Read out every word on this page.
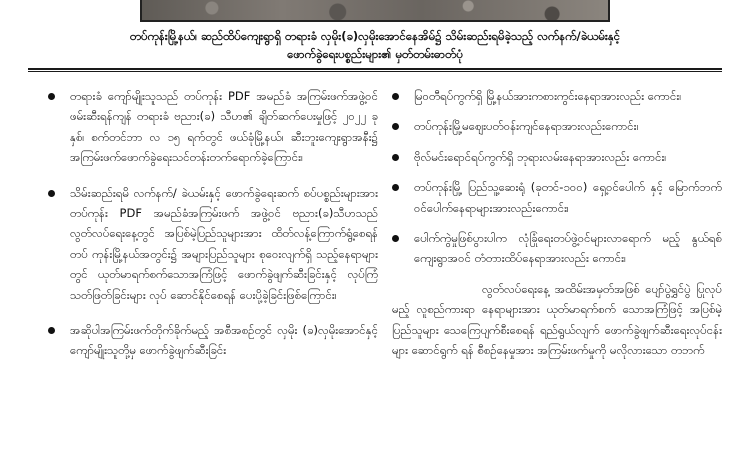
တပ်ကုန်းမြို့နယ်၊ ဆည်ထိပ်ကျေးရွာရှိ တရားခံ လှမိုး(ခ)လှမိုးအောင်နေအိမ်၌ သိမ်းဆည်းရမိခဲ့သည့် လက်နက်/ခဲယမ်းနှင့်
ဖောက်ခွဲရေးပစ္စည်းများ၏ မှတ်တမ်းဓာတ်ပုံ
တရားခံ ကျော်မျိုးသူသည် တပ်ကုန်း PDF အမည်ခံ အကြမ်းဖက်အဖွဲ့ဝင် ဖမ်းဆီးရန်ကျန် တရားခံ ဗညား(ခ) သီဟ၏ ချိတ်ဆက်ပေးမှုဖြင့် ၂၀၂၂ ခုနှစ်၊ စက်တင်ဘာ လ ၁၅ ရက်တွင် ဖယ်ခုံမြို့နယ်၊ ဆီးဘူးကျေးရွာအနီး၌ အကြမ်းဖက်ဖောက်ခွဲရေးသင်တန်းတက်ရောက်ခဲ့ကြောင်း၊
သိမ်းဆည်းရမိ လက်နက်/ ခဲယမ်းနှင့် ဖောက်ခွဲရေးဆက် စပ်ပစ္စည်းများအား တပ်ကုန်း PDF အမည်ခံအကြမ်းဖက် အဖွဲ့ဝင် ဗညား(ခ)သီဟသည် လွတ်လပ်ရေးနေ့တွင် အပြစ်မဲ့ပြည်သူများအား ထိတ်လန့်ကြောက်ရွံ့စေရန် တပ် ကုန်းမြို့နယ်အတွင်း၌ အများပြည်သူများ စုဝေးလျက်ရှိ သည့်နေရာများတွင် ယုတ်မာရက်စက်သောအကြံဖြင့် ဖောက်ခွဲဖျက်ဆီးခြင်းနှင့် လုပ်ကြံသတ်ဖြတ်ခြင်းများ လုပ် ဆောင်နိုင်စေရန် ပေးပို့ခဲ့ခြင်းဖြစ်ကြောင်း၊
အဆိုပါအကြမ်းဖက်တိုက်ခိုက်မည့် အစီအစဉ်တွင် လှမိုး (ခ)လှမိုးအောင်နှင့် ကျော်မျိုးသူတို့မှ ဖောက်ခွဲဖျက်ဆီးခြင်း
မြဝတီရပ်ကွက်ရှိ မြို့နယ်အားကစားကွင်းနေရာအားလည်း ကောင်း၊
တပ်ကုန်းမြို့မဈေးပတ်ဝန်းကျင်နေရာအားလည်းကောင်း၊
ဗိုလ်မင်းရောင်ရပ်ကွက်ရှိ ဘုရားလမ်းနေရာအားလည်း ကောင်း၊
တပ်ကုန်းမြို့ ပြည်သူ့ဆေးရုံ (ခုတင်-၁၀၀) ရှေ့ဝင်ပေါက် နှင့် မြောက်ဘက် ဝင်ပေါက်နေရာများအားလည်းကောင်း၊
ပေါက်ကွဲမှုဖြစ်ပွားပါက လုံခြုံရေးတပ်ဖွဲ့ဝင်များလာရောက် မည့် နွယ်ရစ်ကျေးရွာအဝင် တံတားထိပ်နေရာအားလည်း ကောင်း၊

လွတ်လပ်ရေးနေ့ အထိမ်းအမှတ်အဖြစ် ပျော်ပွဲရွှင်ပွဲ ပြုလုပ်မည့် လူစည်ကားရာ နေရာများအား ယုတ်မာရက်စက် သောအကြံဖြင့် အပြစ်မဲ့ပြည်သူများ သေကြေပျက်စီးစေရန် ရည်ရွယ်လျက် ဖောက်ခွဲဖျက်ဆီးရေးလုပ်ငန်းများ ဆောင်ရွက် ရန် စီစဉ်နေမှုအား အကြမ်းဖက်မှုကို မလိုလားသော တဘက်
